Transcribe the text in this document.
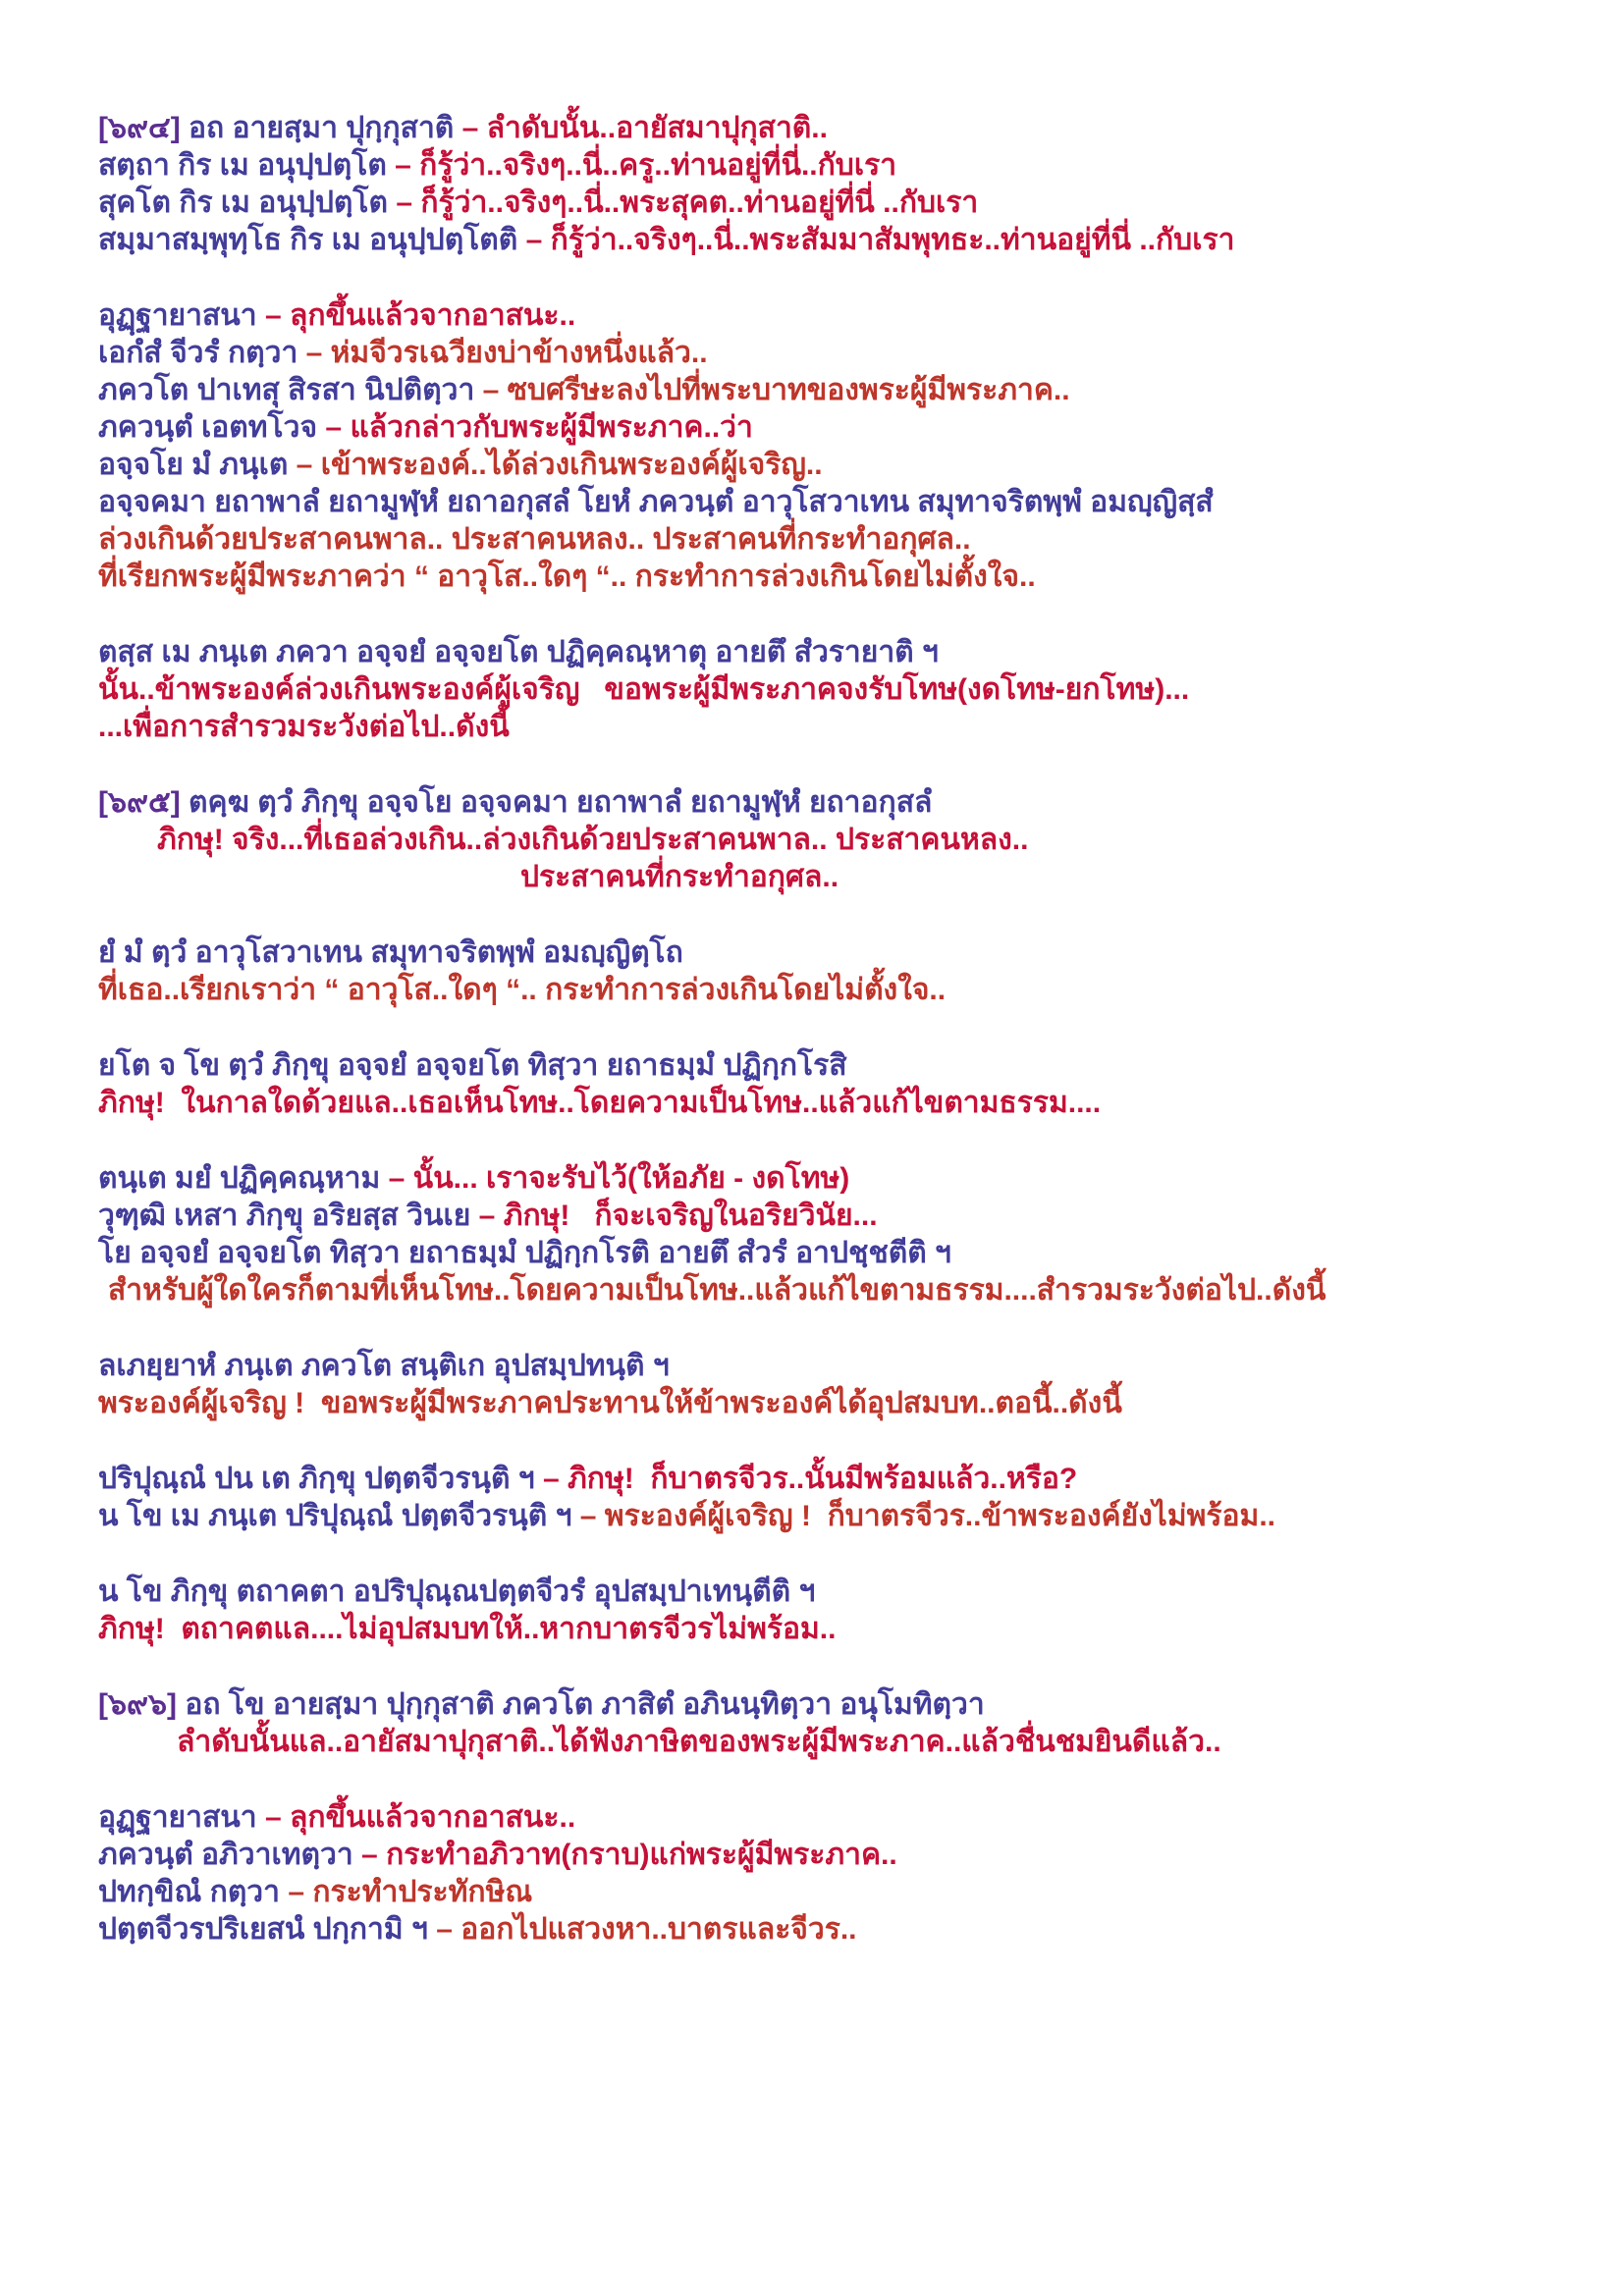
[๖๙๔] อถ อายสฺมา ปุกฺกุสาติ – ลำดับนั้น..อายัสมาปุกุสาติ..
สตฺถา กิร เม อนุปฺปตฺโต – ก็รู้ว่า..จริงๆ..นี่..ครู..ท่านอยู่ที่นี่..กับเรา
สุคโต กิร เม อนุปฺปตฺโต – ก็รู้ว่า..จริงๆ..นี่..พระสุคต..ท่านอยู่ที่นี่ ..กับเรา
สมฺมาสมฺพุทฺโธ กิร เม อนุปฺปตฺโตติ – ก็รู้ว่า..จริงๆ..นี่..พระสัมมาสัมพุทธะ..ท่านอยู่ที่นี่ ..กับเรา
อุฏฺฐายาสนา – ลุกขึ้นแล้วจากอาสนะ..
เอกํสํ จีวรํ กตฺวา – ห่มจีวรเฉวียงบ่าข้างหนึ่งแล้ว..
ภควโต ปาเทสุ สิรสา นิปติตฺวา – ซบศรีษะลงไปที่พระบาทของพระผู้มีพระภาค..
ภควนฺตํ เอตทโวจ – แล้วกล่าวกับพระผู้มีพระภาค..ว่า
อจฺจโย มํ ภนฺเต – เข้าพระองค์..ได้ล่วงเกินพระองค์ผู้เจริญ..
อจฺจคมา ยถาพาลํ ยถามูฬฺหํ ยถาอกุสลํ โยหํ ภควนฺตํ อาวุโสวาเทน สมุทาจริตพฺพํ อมญฺญิสฺสํ
ล่วงเกินด้วยประสาคนพาล.. ประสาคนหลง.. ประสาคนที่กระทำอกุศล..
ที่เรียกพระผู้มีพระภาคว่า “ อาวุโส..ใดๆ “.. กระทำการล่วงเกินโดยไม่ตั้งใจ..
ตสฺส เม ภนฺเต ภควา อจฺจยํ อจฺจยโต ปฏิคฺคณฺหาตุ อายตึ สํวรายาติ ฯ
นั้น..ข้าพระองค์ล่วงเกินพระองค์ผู้เจริญ   ขอพระผู้มีพระภาคจงรับโทษ(งดโทษ-ยกโทษ)...
...เพื่อการสำรวมระวังต่อไป..ดังนี้
[๖๙๕] ตคฺฆ ตฺวํ ภิกฺขุ อจฺจโย อจฺจคมา ยถาพาลํ ยถามูฬฺหํ ยถาอกุสลํ
ภิกษุ! จริง...ที่เธอล่วงเกิน..ล่วงเกินด้วยประสาคนพาล.. ประสาคนหลง..
ประสาคนที่กระทำอกุศล..
ยํ มํ ตฺวํ อาวุโสวาเทน สมุทาจริตพฺพํ อมญฺญิตฺโถ
ที่เธอ..เรียกเราว่า “ อาวุโส..ใดๆ “.. กระทำการล่วงเกินโดยไม่ตั้งใจ..
ยโต จ โข ตฺวํ ภิกฺขุ อจฺจยํ อจฺจยโต ทิสฺวา ยถาธมฺมํ ปฏิกฺกโรสิ
ภิกษุ!  ในกาลใดด้วยแล..เธอเห็นโทษ..โดยความเป็นโทษ..แล้วแก้ไขตามธรรม....
ตนฺเต มยํ ปฏิคฺคณฺหาม – นั้น... เราจะรับไว้(ให้อภัย - งดโทษ)
วุฑฺฒิ เหสา ภิกฺขุ อริยสฺส วินเย – ภิกษุ!   ก็จะเจริญในอริยวินัย...
โย อจฺจยํ อจฺจยโต ทิสฺวา ยถาธมฺมํ ปฏิกฺกโรติ อายตึ สํวรํ อาปชฺชตีติ ฯ
สำหรับผู้ใดใครก็ตามที่เห็นโทษ..โดยความเป็นโทษ..แล้วแก้ไขตามธรรม....สำรวมระวังต่อไป..ดังนี้
ลเภยฺยาหํ ภนฺเต ภควโต สนฺติเก อุปสมฺปทนฺติ ฯ
พระองค์ผู้เจริญ !  ขอพระผู้มีพระภาคประทานให้ข้าพระองค์ได้อุปสมบท..ตอนี้..ดังนี้
ปริปุณฺณํ ปน เต ภิกฺขุ ปตฺตจีวรนฺติ ฯ – ภิกษุ!  ก็บาตรจีวร..นั้นมีพร้อมแล้ว..หรือ?
น โข เม ภนฺเต ปริปุณฺณํ ปตฺตจีวรนฺติ ฯ – พระองค์ผู้เจริญ !  ก็บาตรจีวร..ข้าพระองค์ยังไม่พร้อม..
น โข ภิกฺขุ ตถาคตา อปริปุณฺณปตฺตจีวรํ อุปสมฺปาเทนฺตีติ ฯ
ภิกษุ!  ตถาคตแล....ไม่อุปสมบทให้..หากบาตรจีวรไม่พร้อม..
[๖๙๖] อถ โข อายสฺมา ปุกฺกุสาติ ภควโต ภาสิตํ อภินนฺทิตฺวา อนุโมทิตฺวา
ลำดับนั้นแล..อายัสมาปุกุสาติ..ได้ฟังภาษิตของพระผู้มีพระภาค..แล้วชื่นชมยินดีแล้ว..
อุฏฺฐายาสนา – ลุกขึ้นแล้วจากอาสนะ..
ภควนฺตํ อภิวาเทตฺวา – กระทำอภิวาท(กราบ)แก่พระผู้มีพระภาค..
ปทกฺขิณํ กตฺวา – กระทำประทักษิณ
ปตฺตจีวรปริเยสนํ ปกฺกามิ ฯ – ออกไปแสวงหา..บาตรและจีวร..
